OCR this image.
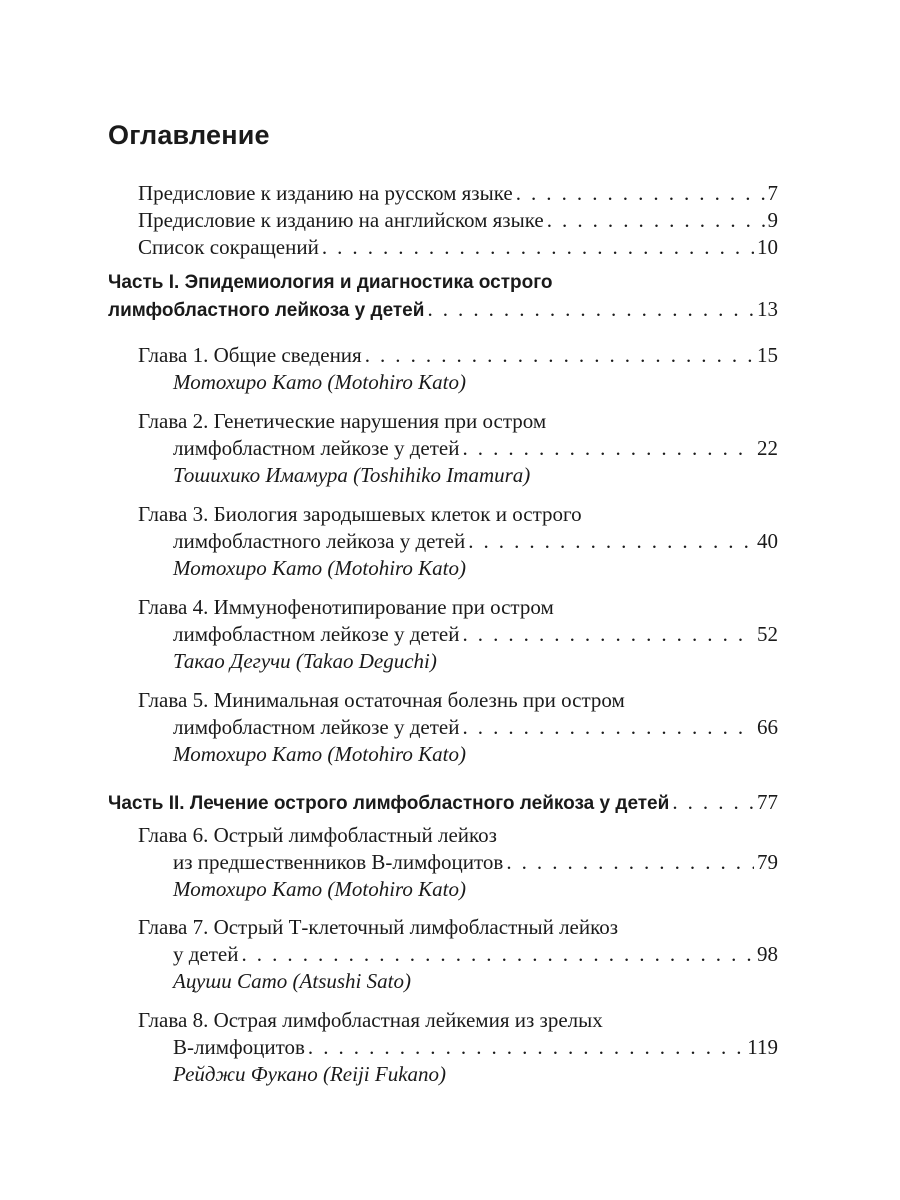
Оглавление
Предисловие к изданию на русском языке . . .	7
Предисловие к изданию на английском языке . . .	9
Список сокращений . . .	10
Часть I. Эпидемиология и диагностика острого
лимфобластного лейкоза у детей . . .	13
Глава 1. Общие сведения . . .	15
Мотохиро Като (Motohiro Kato)
Глава 2. Генетические нарушения при остром
лимфобластном лейкозе у детей . . .	22
Тошихико Имамура (Toshihiko Imamura)
Глава 3. Биология зародышевых клеток и острого
лимфобластного лейкоза у детей . . .	40
Мотохиро Като (Motohiro Kato)
Глава 4. Иммунофенотипирование при остром
лимфобластном лейкозе у детей . . .	52
Такао Дегучи (Takao Deguchi)
Глава 5. Минимальная остаточная болезнь при остром
лимфобластном лейкозе у детей . . .	66
Мотохиро Като (Motohiro Kato)
Часть II. Лечение острого лимфобластного лейкоза у детей . . .	77
Глава 6. Острый лимфобластный лейкоз
из предшественников В-лимфоцитов . . .	79
Мотохиро Като (Motohiro Kato)
Глава 7. Острый Т-клеточный лимфобластный лейкоз
у детей . . .	98
Ацуши Сато (Atsushi Sato)
Глава 8. Острая лимфобластная лейкемия из зрелых
В-лимфоцитов . . .	119
Рейджи Фукано (Reiji Fukano)
